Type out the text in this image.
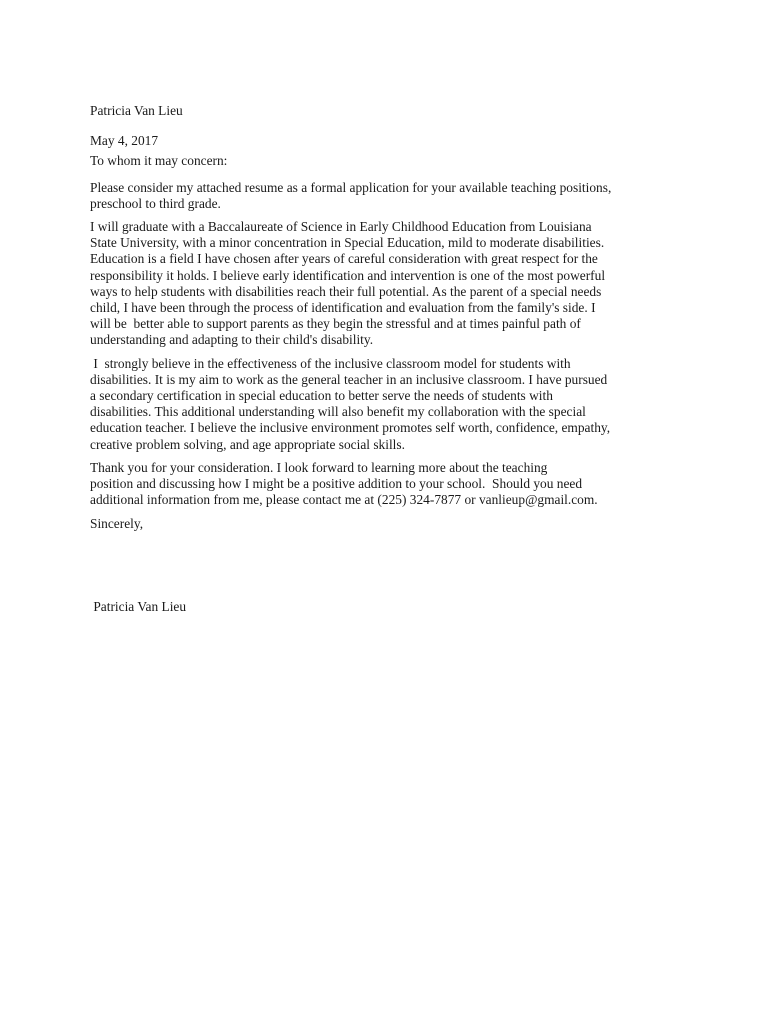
Patricia Van Lieu

May 4, 2017

To whom it may concern:

Please consider my attached resume as a formal application for your available teaching positions,
preschool to third grade.

I will graduate with a Baccalaureate of Science in Early Childhood Education from Louisiana
State University, with a minor concentration in Special Education, mild to moderate disabilities.
Education is a field I have chosen after years of careful consideration with great respect for the
responsibility it holds. I believe early identification and intervention is one of the most powerful
ways to help students with disabilities reach their full potential. As the parent of a special needs
child, I have been through the process of identification and evaluation from the family's side. I
will be  better able to support parents as they begin the stressful and at times painful path of
understanding and adapting to their child's disability.

I  strongly believe in the effectiveness of the inclusive classroom model for students with
disabilities. It is my aim to work as the general teacher in an inclusive classroom. I have pursued
a secondary certification in special education to better serve the needs of students with
disabilities. This additional understanding will also benefit my collaboration with the special
education teacher. I believe the inclusive environment promotes self worth, confidence, empathy,
creative problem solving, and age appropriate social skills.

Thank you for your consideration. I look forward to learning more about the teaching
position and discussing how I might be a positive addition to your school.  Should you need
additional information from me, please contact me at (225) 324-7877 or vanlieup@gmail.com.

Sincerely,

Patricia Van Lieu
